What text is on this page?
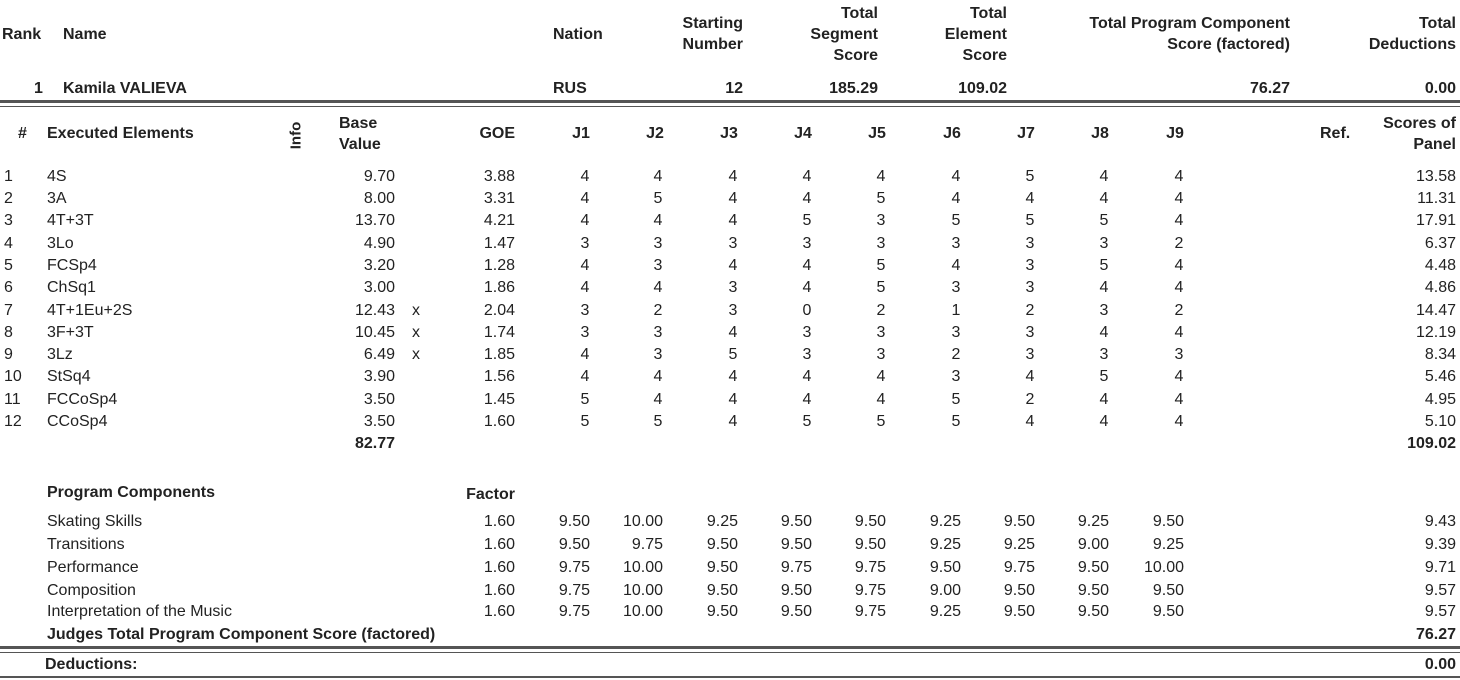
Rank Name	Nation
Starting
Number
Total
Segment
Score
Total
Element
Score
Total Program Component
Score (factored)
Total
Deductions
1 Kamila VALIEVA	RUS	12	185.29	109.02	76.27	0.00
# Executed Elements	Info Base
Value
GOE	J1	J2	J3	J4	J5	J6	J7	J8	J9	Ref.
Scores of
Panel
1	4S	9.70	3.88	4	4	4	4	4	4	5	4	4	13.58
2	3A	8.00	3.31	4	5	4	4	5	4	4	4	4	11.31
3	4T+3T	13.70	4.21	4	4	4	5	3	5	5	5	4	17.91
4	3Lo	4.90	1.47	3	3	3	3	3	3	3	3	2	6.37
5	FCSp4	3.20	1.28	4	3	4	4	5	4	3	5	4	4.48
6	ChSq1	3.00	1.86	4	4	3	4	5	3	3	4	4	4.86
7	4T+1Eu+2S	12.43 x	2.04	3	2	3	0	2	1	2	3	2	14.47
8	3F+3T	10.45 x	1.74	3	3	4	3	3	3	3	4	4	12.19
9	3Lz	6.49 x	1.85	4	3	5	3	3	2	3	3	3	8.34
10	StSq4	3.90	1.56	4	4	4	4	4	3	4	5	4	5.46
11	FCCoSp4	3.50	1.45	5	4	4	4	4	5	2	4	4	4.95
12	CCoSp4	3.50	1.60	5	5	4	5	5	5	4	4	4	5.10
82.77	109.02
Program Components	Factor
Skating Skills	1.60	9.50	10.00	9.25	9.50	9.50	9.25	9.50	9.25	9.50	9.43
Transitions	1.60	9.50	9.75	9.50	9.50	9.50	9.25	9.25	9.00	9.25	9.39
Performance	1.60	9.75	10.00	9.50	9.75	9.75	9.50	9.75	9.50	10.00	9.71
Composition	1.60	9.75	10.00	9.50	9.50	9.75	9.00	9.50	9.50	9.50	9.57
Interpretation of the Music	1.60	9.75	10.00	9.50	9.50	9.75	9.25	9.50	9.50	9.50	9.57
Judges Total Program Component Score (factored)	76.27
Deductions:	0.00
